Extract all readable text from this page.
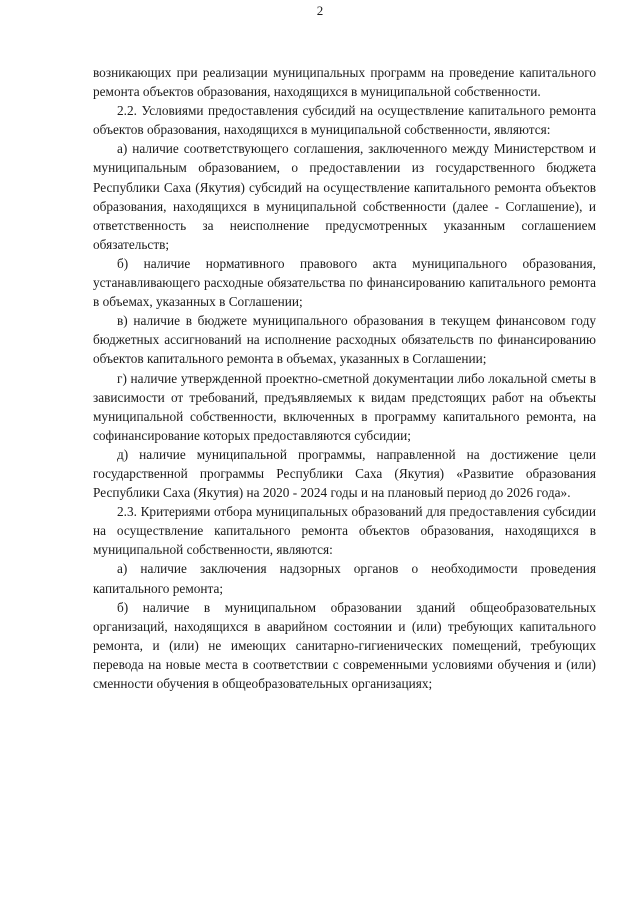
2

возникающих при реализации муниципальных программ на проведение капитального ремонта объектов образования, находящихся в муниципальной собственности.

2.2. Условиями предоставления субсидий на осуществление капитального ремонта объектов образования, находящихся в муниципальной собственности, являются:

а) наличие соответствующего соглашения, заключенного между Министерством и муниципальным образованием, о предоставлении из государственного бюджета Республики Саха (Якутия) субсидий на осуществление капитального ремонта объектов образования, находящихся в муниципальной собственности (далее - Соглашение), и ответственность за неисполнение предусмотренных указанным соглашением обязательств;

б) наличие нормативного правового акта муниципального образования, устанавливающего расходные обязательства по финансированию капитального ремонта в объемах, указанных в Соглашении;

в) наличие в бюджете муниципального образования в текущем финансовом году бюджетных ассигнований на исполнение расходных обязательств по финансированию объектов капитального ремонта в объемах, указанных в Соглашении;

г) наличие утвержденной проектно-сметной документации либо локальной сметы в зависимости от требований, предъявляемых к видам предстоящих работ на объекты муниципальной собственности, включенных в программу капитального ремонта, на софинансирование которых предоставляются субсидии;

д) наличие муниципальной программы, направленной на достижение цели государственной программы Республики Саха (Якутия) «Развитие образования Республики Саха (Якутия) на 2020 - 2024 годы и на плановый период до 2026 года».

2.3. Критериями отбора муниципальных образований для предоставления субсидии на осуществление капитального ремонта объектов образования, находящихся в муниципальной собственности, являются:

а) наличие заключения надзорных органов о необходимости проведения капитального ремонта;

б) наличие в муниципальном образовании зданий общеобразовательных организаций, находящихся в аварийном состоянии и (или) требующих капитального ремонта, и (или) не имеющих санитарно-гигиенических помещений, требующих перевода на новые места в соответствии с современными условиями обучения и (или) сменности обучения в общеобразовательных организациях;
